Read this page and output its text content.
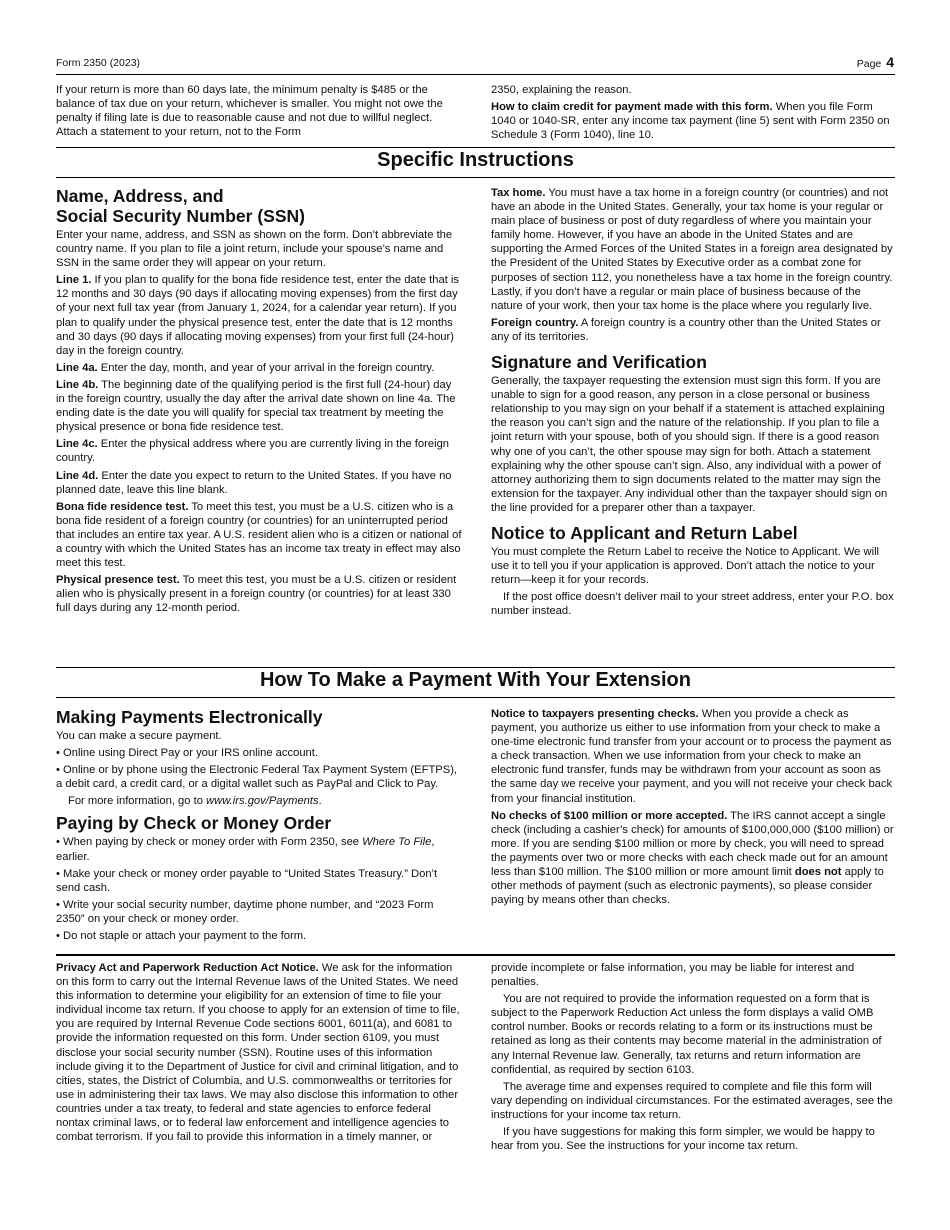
Form 2350 (2023)	Page 4

If your return is more than 60 days late, the minimum penalty is $485 or the balance of tax due on your return, whichever is smaller. You might not owe the penalty if filing late is due to reasonable cause and not due to willful neglect. Attach a statement to your return, not to the Form

2350, explaining the reason.

How to claim credit for payment made with this form. When you file Form 1040 or 1040-SR, enter any income tax payment (line 5) sent with Form 2350 on Schedule 3 (Form 1040), line 10.

Specific Instructions
Name, Address, and
Social Security Number (SSN)

Enter your name, address, and SSN as shown on the form. Don’t abbreviate the country name. If you plan to file a joint return, include your spouse’s name and SSN in the same order they will appear on your return.

Line 1. If you plan to qualify for the bona fide residence test, enter the date that is 12 months and 30 days (90 days if allocating moving expenses) from the first day of your next full tax year (from January 1, 2024, for a calendar year return). If you plan to qualify under the physical presence test, enter the date that is 12 months and 30 days (90 days if allocating moving expenses) from your first full (24-hour) day in the foreign country.

Line 4a. Enter the day, month, and year of your arrival in the foreign country.

Line 4b. The beginning date of the qualifying period is the first full (24-hour) day in the foreign country, usually the day after the arrival date shown on line 4a. The ending date is the date you will qualify for special tax treatment by meeting the physical presence or bona fide residence test.

Line 4c. Enter the physical address where you are currently living in the foreign country.

Line 4d. Enter the date you expect to return to the United States. If you have no planned date, leave this line blank.

Bona fide residence test. To meet this test, you must be a U.S. citizen who is a bona fide resident of a foreign country (or countries) for an uninterrupted period that includes an entire tax year. A U.S. resident alien who is a citizen or national of a country with which the United States has an income tax treaty in effect may also meet this test.

Physical presence test. To meet this test, you must be a U.S. citizen or resident alien who is physically present in a foreign country (or countries) for at least 330 full days during any 12-month period.

Tax home. You must have a tax home in a foreign country (or countries) and not have an abode in the United States. Generally, your tax home is your regular or main place of business or post of duty regardless of where you maintain your family home. However, if you have an abode in the United States and are supporting the Armed Forces of the United States in a foreign area designated by the President of the United States by Executive order as a combat zone for purposes of section 112, you nonetheless have a tax home in the foreign country. Lastly, if you don’t have a regular or main place of business because of the nature of your work, then your tax home is the place where you regularly live.

Foreign country. A foreign country is a country other than the United States or any of its territories.

Signature and Verification

Generally, the taxpayer requesting the extension must sign this form. If you are unable to sign for a good reason, any person in a close personal or business relationship to you may sign on your behalf if a statement is attached explaining the reason you can’t sign and the nature of the relationship. If you plan to file a joint return with your spouse, both of you should sign. If there is a good reason why one of you can’t, the other spouse may sign for both. Attach a statement explaining why the other spouse can’t sign. Also, any individual with a power of attorney authorizing them to sign documents related to the matter may sign the extension for the taxpayer. Any individual other than the taxpayer should sign on the line provided for a preparer other than a taxpayer.

Notice to Applicant and Return Label

You must complete the Return Label to receive the Notice to Applicant. We will use it to tell you if your application is approved. Don’t attach the notice to your return—keep it for your records.

If the post office doesn’t deliver mail to your street address, enter your P.O. box number instead.

How To Make a Payment With Your Extension
Making Payments Electronically

You can make a secure payment.

• Online using Direct Pay or your IRS online account.

• Online or by phone using the Electronic Federal Tax Payment System (EFTPS), a debit card, a credit card, or a digital wallet such as PayPal and Click to Pay.

For more information, go to www.irs.gov/Payments.

Paying by Check or Money Order

• When paying by check or money order with Form 2350, see Where To File, earlier.

• Make your check or money order payable to “United States Treasury.” Don’t send cash.

• Write your social security number, daytime phone number, and “2023 Form 2350” on your check or money order.

• Do not staple or attach your payment to the form.

Notice to taxpayers presenting checks. When you provide a check as payment, you authorize us either to use information from your check to make a one-time electronic fund transfer from your account or to process the payment as a check transaction. When we use information from your check to make an electronic fund transfer, funds may be withdrawn from your account as soon as the same day we receive your payment, and you will not receive your check back from your financial institution.

No checks of $100 million or more accepted. The IRS cannot accept a single check (including a cashier’s check) for amounts of $100,000,000 ($100 million) or more. If you are sending $100 million or more by check, you will need to spread the payments over two or more checks with each check made out for an amount less than $100 million. The $100 million or more amount limit does not apply to other methods of payment (such as electronic payments), so please consider paying by means other than checks.

Privacy Act and Paperwork Reduction Act Notice. We ask for the information on this form to carry out the Internal Revenue laws of the United States. We need this information to determine your eligibility for an extension of time to file your individual income tax return. If you choose to apply for an extension of time to file, you are required by Internal Revenue Code sections 6001, 6011(a), and 6081 to provide the information requested on this form. Under section 6109, you must disclose your social security number (SSN). Routine uses of this information include giving it to the Department of Justice for civil and criminal litigation, and to cities, states, the District of Columbia, and U.S. commonwealths or territories for use in administering their tax laws. We may also disclose this information to other countries under a tax treaty, to federal and state agencies to enforce federal nontax criminal laws, or to federal law enforcement and intelligence agencies to combat terrorism. If you fail to provide this information in a timely manner, or

provide incomplete or false information, you may be liable for interest and penalties.

You are not required to provide the information requested on a form that is subject to the Paperwork Reduction Act unless the form displays a valid OMB control number. Books or records relating to a form or its instructions must be retained as long as their contents may become material in the administration of any Internal Revenue law. Generally, tax returns and return information are confidential, as required by section 6103.

The average time and expenses required to complete and file this form will vary depending on individual circumstances. For the estimated averages, see the instructions for your income tax return.

If you have suggestions for making this form simpler, we would be happy to hear from you. See the instructions for your income tax return.
